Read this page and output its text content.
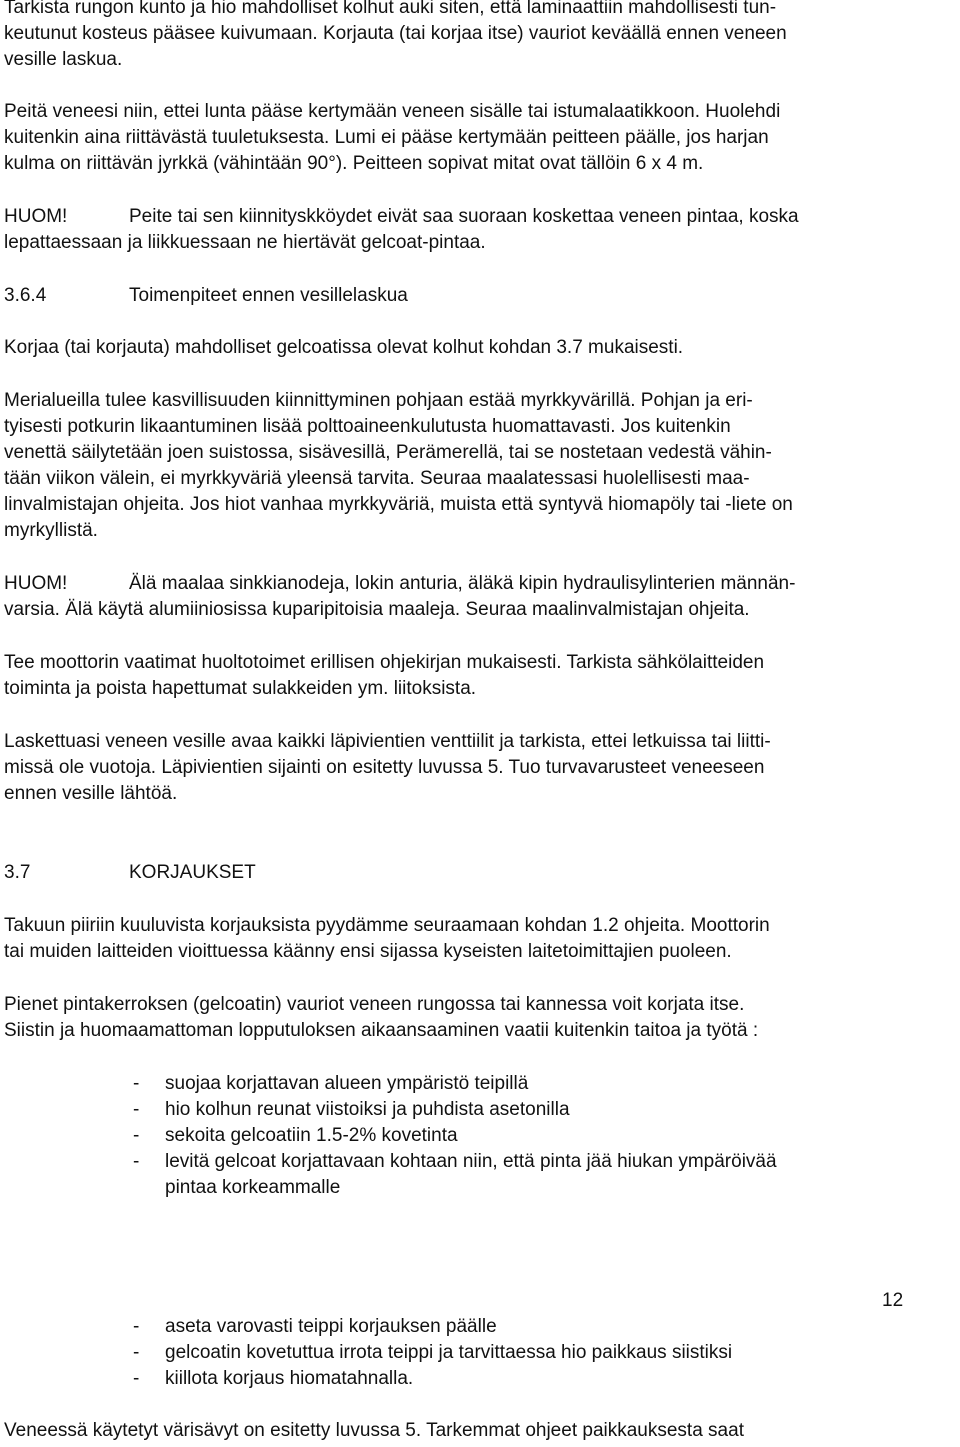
Tarkista rungon kunto ja hio mahdolliset kolhut auki siten, että laminaattiin mahdollisesti tun-
keutunut kosteus pääsee kuivumaan. Korjauta (tai korjaa itse) vauriot keväällä ennen veneen
vesille laskua.
Peitä veneesi niin, ettei lunta pääse kertymään veneen sisälle tai istumalaatikkoon. Huolehdi
kuitenkin aina riittävästä tuuletuksesta. Lumi ei pääse kertymään peitteen päälle, jos harjan
kulma on riittävän jyrkkä (vähintään 90°). Peitteen sopivat mitat ovat tällöin 6 x 4 m.
HUOM!	Peite tai sen kiinnityskköydet eivät saa suoraan koskettaa veneen pintaa, koska
lepattaessaan ja liikkuessaan ne hiertävät gelcoat-pintaa.
3.6.4	Toimenpiteet ennen vesillelaskua
Korjaa (tai korjauta) mahdolliset gelcoatissa olevat kolhut kohdan 3.7 mukaisesti.
Merialueilla tulee kasvillisuuden kiinnittyminen pohjaan estää myrkkyvärillä. Pohjan ja eri-
tyisesti potkurin likaantuminen lisää polttoaineenkulutusta huomattavasti. Jos kuitenkin
venettä säilytetään joen suistossa, sisävesillä, Perämerellä, tai se nostetaan vedestä vähin-
tään viikon välein, ei myrkkyväriä yleensä tarvita. Seuraa maalatessasi huolellisesti maa-
linvalmistajan ohjeita. Jos hiot vanhaa myrkkyväriä, muista että syntyvä hiomapöly tai -liete on
myrkyllistä.
HUOM!	Älä maalaa sinkkianodeja, lokin anturia, äläkä kipin hydraulisylinterien männän-
varsia. Älä käytä alumiiniosissa kuparipitoisia maaleja. Seuraa maalinvalmistajan ohjeita.
Tee moottorin vaatimat huoltotoimet erillisen ohjekirjan mukaisesti. Tarkista sähkölaitteiden
toiminta ja poista hapettumat sulakkeiden ym. liitoksista.
Laskettuasi veneen vesille avaa kaikki läpivientien venttiilit ja tarkista, ettei letkuissa tai liitti-
missä ole vuotoja. Läpivientien sijainti on esitetty luvussa 5. Tuo turvavarusteet veneeseen
ennen vesille lähtöä.
3.7	KORJAUKSET
Takuun piiriin kuuluvista korjauksista pyydämme seuraamaan kohdan 1.2 ohjeita. Moottorin
tai muiden laitteiden vioittuessa käänny ensi sijassa kyseisten laitetoimittajien puoleen.
Pienet pintakerroksen (gelcoatin) vauriot veneen rungossa tai kannessa voit korjata itse.
Siistin ja huomaamattoman lopputuloksen aikaansaaminen vaatii kuitenkin taitoa ja työtä :
- suojaa korjattavan alueen ympäristö teipillä
- hio kolhun reunat viistoiksi ja puhdista asetonilla
- sekoita gelcoatiin 1.5-2% kovetinta
- levitä gelcoat korjattavaan kohtaan niin, että pinta jää hiukan ympäröivää
pintaa korkeammalle
12
- aseta varovasti teippi korjauksen päälle
- gelcoatin kovetuttua irrota teippi ja tarvittaessa hio paikkaus siistiksi
- kiillota korjaus hiomatahnalla.
Veneessä käytetyt värisävyt on esitetty luvussa 5. Tarkemmat ohjeet paikkauksesta saat
